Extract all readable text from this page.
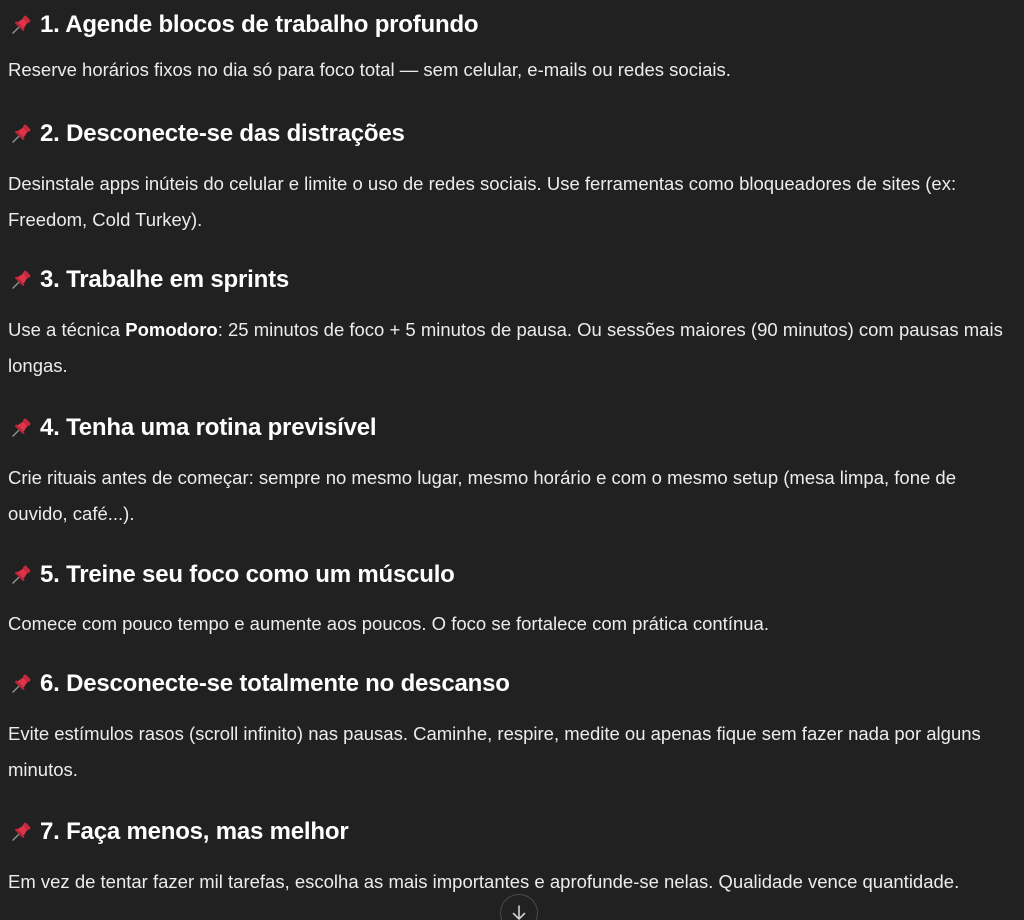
1. Agende blocos de trabalho profundo

Reserve horários fixos no dia só para foco total — sem celular, e-mails ou redes sociais.

2. Desconecte-se das distrações

Desinstale apps inúteis do celular e limite o uso de redes sociais. Use ferramentas como bloqueadores de sites (ex: Freedom, Cold Turkey).

3. Trabalhe em sprints

Use a técnica Pomodoro: 25 minutos de foco + 5 minutos de pausa. Ou sessões maiores (90 minutos) com pausas mais longas.

4. Tenha uma rotina previsível

Crie rituais antes de começar: sempre no mesmo lugar, mesmo horário e com o mesmo setup (mesa limpa, fone de ouvido, café...).

5. Treine seu foco como um músculo

Comece com pouco tempo e aumente aos poucos. O foco se fortalece com prática contínua.

6. Desconecte-se totalmente no descanso

Evite estímulos rasos (scroll infinito) nas pausas. Caminhe, respire, medite ou apenas fique sem fazer nada por alguns minutos.

7. Faça menos, mas melhor

Em vez de tentar fazer mil tarefas, escolha as mais importantes e aprofunde-se nelas. Qualidade vence quantidade.
